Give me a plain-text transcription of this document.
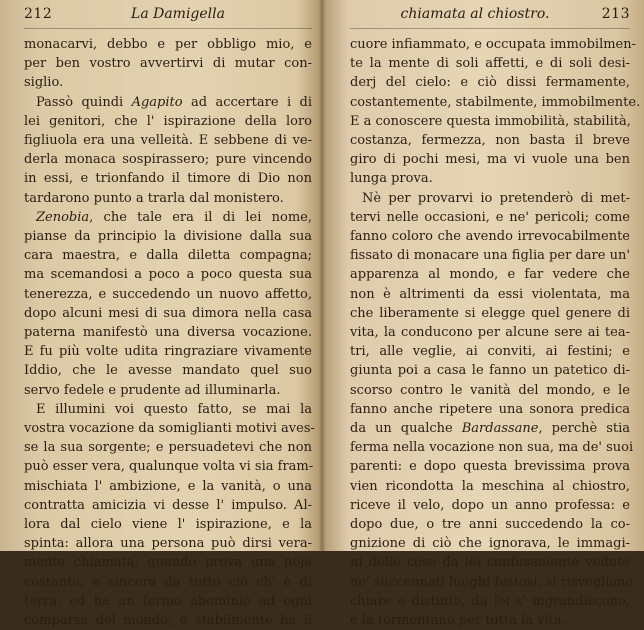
212	La Damigella
monacarvi, debbo e per obbligo mio, e
per ben vostro avvertirvi di mutar con-
siglio.
Passò quindi Agapito ad accertare i di
lei genitori, che l' ispirazione della loro
figliuola era una velleità. E sebbene di ve-
derla monaca sospirassero; pure vincendo
in essi, e trionfando il timore di Dio non
tardarono punto a trarla dal monistero.
Zenobia, che tale era il di lei nome,
pianse da principio la divisione dalla sua
cara maestra, e dalla diletta compagna;
ma scemandosi a poco a poco questa sua
tenerezza, e succedendo un nuovo affetto,
dopo alcuni mesi di sua dimora nella casa
paterna manifestò una diversa vocazione.
E fu più volte udita ringraziare vivamente
Iddio, che le avesse mandato quel suo
servo fedele e prudente ad illuminarla.
E illumini voi questo fatto, se mai la
vostra vocazione da somiglianti motivi aves-
se la sua sorgente; e persuadetevi che non
può esser vera, qualunque volta vi sia fram-
mischiata l' ambizione, e la vanità, o una
contratta amicizia vi desse l' impulso. Al-
lora dal cielo viene l' ispirazione, e la
spinta: allora una persona può dirsi vera-
mente chiamata, quando prova una noja
costante, e sincera da tutto ciò ch' è di
terra, ed ha un fermo abominio ad ogni
comparsa del mondo, e stabilmente ha il
chiamata al chiostro.	213
cuore infiammato, e occupata immobilmen-
te la mente di soli affetti, e di soli desi-
derj del cielo: e ciò dissi fermamente,
costantemente, stabilmente, immobilmente.
E a conoscere questa immobilità, stabilità,
costanza, fermezza, non basta il breve
giro di pochi mesi, ma vi vuole una ben
lunga prova.
Nè per provarvi io pretenderò di met-
tervi nelle occasioni, e ne' pericoli; come
fanno coloro che avendo irrevocabilmente
fissato di monacare una figlia per dare un'
apparenza al mondo, e far vedere che
non è altrimenti da essi violentata, ma
che liberamente si elegge quel genere di
vita, la conducono per alcune sere ai tea-
tri, alle veglie, ai conviti, ai festini; e
giunta poi a casa le fanno un patetico di-
scorso contro le vanità del mondo, e le
fanno anche ripetere una sonora predica
da un qualche Bardassane, perchè stia
ferma nella vocazione non sua, ma de' suoi
parenti: e dopo questa brevissima prova
vien ricondotta la meschina al chiostro,
riceve il velo, dopo un anno professa: e
dopo due, o tre anni succedendo la co-
gnizione di ciò che ignorava, le immagi-
ni delle cose da lei confusamente vedute
ne' succennati luoghi festosi, si risvegliano
chiare e distinte, da lei s' ingrandiscono,
e la tormentano per tutta la vita.
